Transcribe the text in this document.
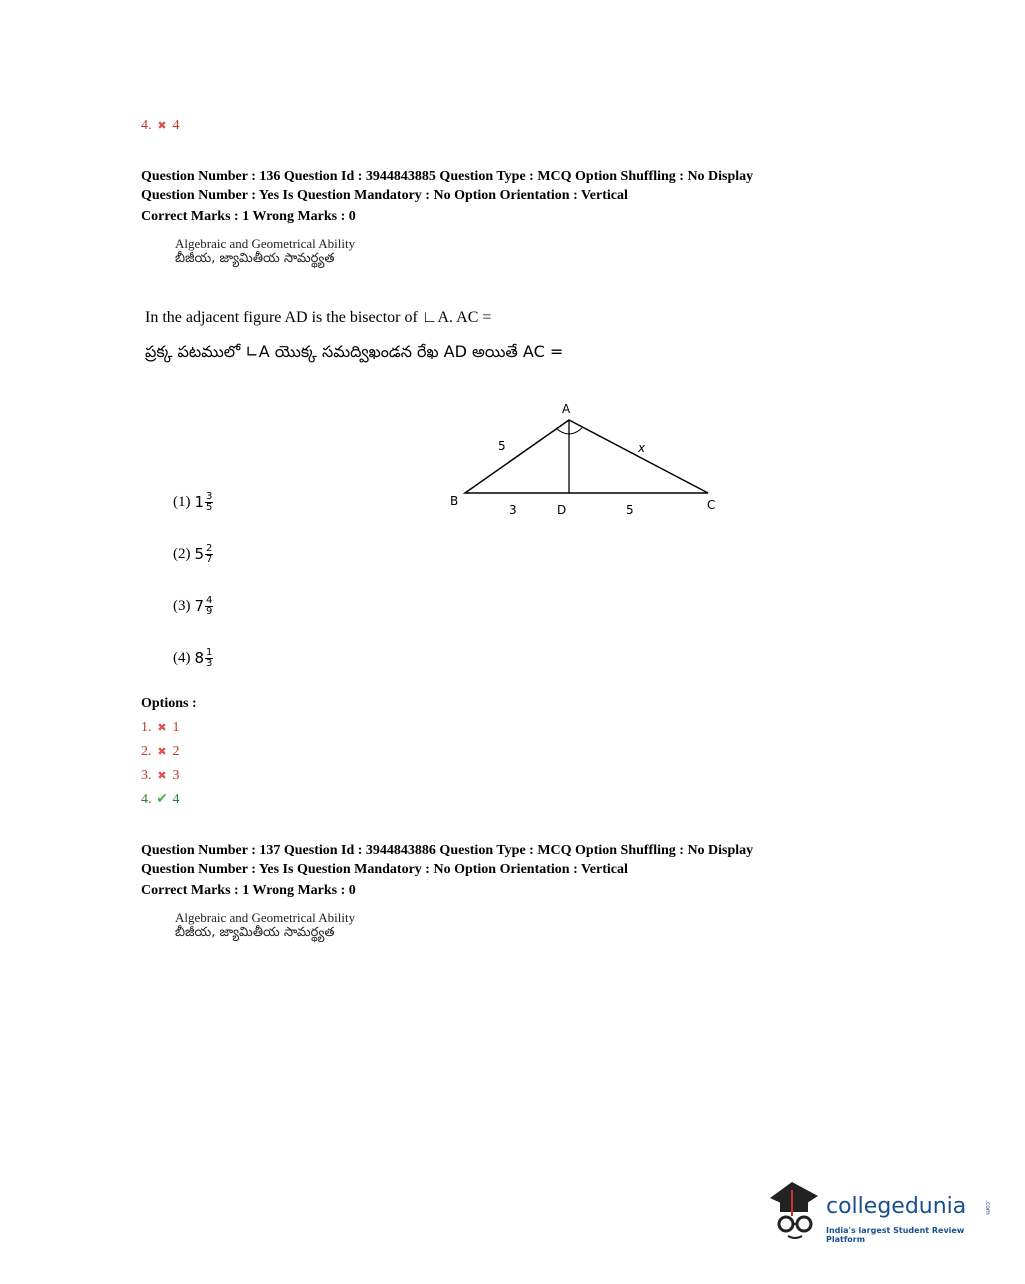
4. ✖ 4
Question Number : 136 Question Id : 3944843885 Question Type : MCQ Option Shuffling : No Display
Question Number : Yes Is Question Mandatory : No Option Orientation : Vertical
Correct Marks : 1 Wrong Marks : 0
Algebraic and Geometrical Ability
బీజీయ, జ్యామితీయ సామర్థ్యత
In the adjacent figure AD is the bisector of ∟A. AC =
ప్రక్క పటములో ∟A యొక్క సమద్విఖండన రేఖ AD అయితే AC =
A
B	C
D
5	x
3	5
(1) $1 \frac{3}{5}$
(2) $5 \frac{2}{7}$
(3) $7 \frac{4}{9}$
(4) $8 \frac{1}{3}$
Options :
1. ✖ 1
2. ✖ 2
3. ✖ 3
4. ✔ 4
Question Number : 137 Question Id : 3944843886 Question Type : MCQ Option Shuffling : No Display
Question Number : Yes Is Question Mandatory : No Option Orientation : Vertical
Correct Marks : 1 Wrong Marks : 0
Algebraic and Geometrical Ability
బీజీయ, జ్యామితీయ సామర్థ్యత
collegedunia	.com
India's largest Student Review Platform
